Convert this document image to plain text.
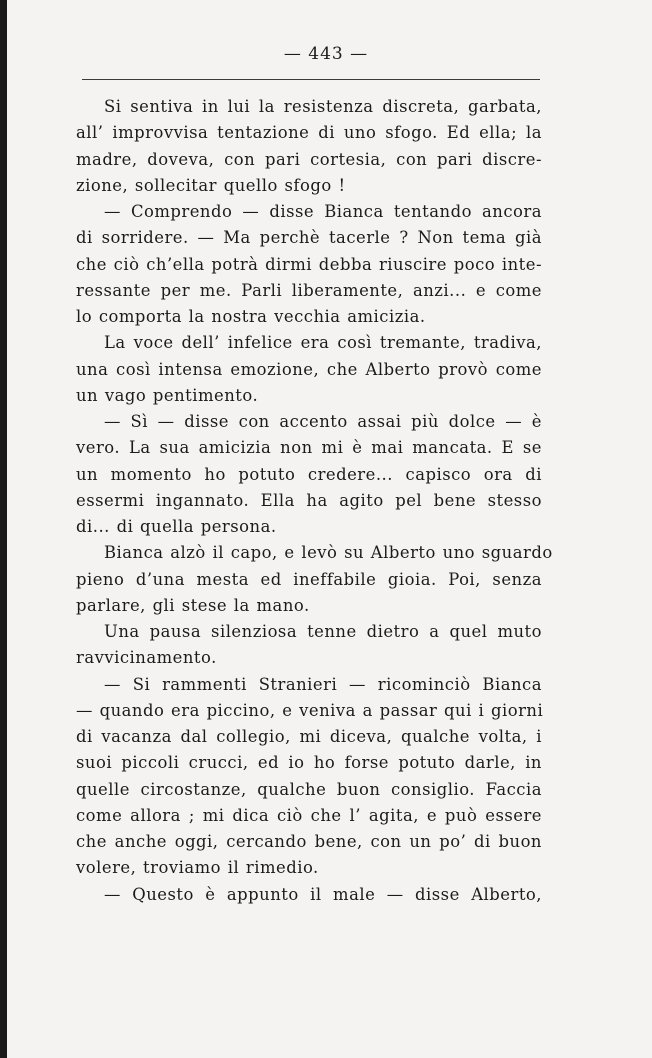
— 443 —
Si sentiva in lui la resistenza discreta, garbata,
all’ improvvisa tentazione di uno sfogo. Ed ella; la
madre, doveva, con pari cortesia, con pari discre-
zione, sollecitar quello sfogo !
— Comprendo — disse Bianca tentando ancora
di sorridere. — Ma perchè tacerle ? Non tema già
che ciò ch’ella potrà dirmi debba riuscire poco inte-
ressante per me. Parli liberamente, anzi... e come
lo comporta la nostra vecchia amicizia.
La voce dell’ infelice era così tremante, tradiva,
una così intensa emozione, che Alberto provò come
un vago pentimento.
— Sì — disse con accento assai più dolce — è
vero. La sua amicizia non mi è mai mancata. E se
un momento ho potuto credere... capisco ora di
essermi ingannato. Ella ha agito pel bene stesso
di... di quella persona.
Bianca alzò il capo, e levò su Alberto uno sguardo
pieno d’una mesta ed ineffabile gioia. Poi, senza
parlare, gli stese la mano.
Una pausa silenziosa tenne dietro a quel muto
ravvicinamento.
— Si rammenti Stranieri — ricominciò Bianca
— quando era piccino, e veniva a passar qui i giorni
di vacanza dal collegio, mi diceva, qualche volta, i
suoi piccoli crucci, ed io ho forse potuto darle, in
quelle circostanze, qualche buon consiglio. Faccia
come allora ; mi dica ciò che l’ agita, e può essere
che anche oggi, cercando bene, con un po’ di buon
volere, troviamo il rimedio.
— Questo è appunto il male — disse Alberto,
